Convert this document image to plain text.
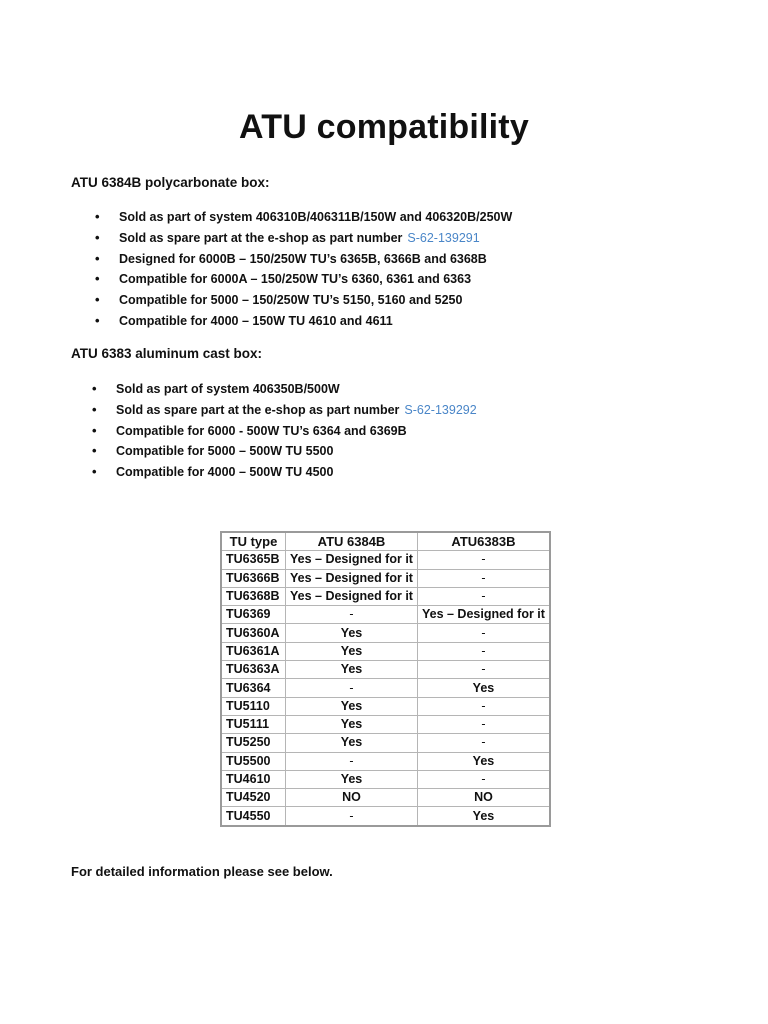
ATU compatibility

ATU 6384B polycarbonate box:

• Sold as part of system 406310B/406311B/150W and 406320B/250W
• Sold as spare part at the e-shop as part number S-62-139291
• Designed for 6000B – 150/250W TU’s 6365B, 6366B and 6368B
• Compatible for 6000A – 150/250W TU’s 6360, 6361 and 6363
• Compatible for 5000 – 150/250W TU’s 5150, 5160 and 5250
• Compatible for 4000 – 150W TU 4610 and 4611

ATU 6383 aluminum cast box:

• Sold as part of system 406350B/500W
• Sold as spare part at the e-shop as part number S-62-139292
• Compatible for 6000 - 500W TU’s 6364 and 6369B
• Compatible for 5000 – 500W TU 5500
• Compatible for 4000 – 500W TU 4500
TU type	ATU 6384B	ATU6383B
TU6365B	Yes – Designed for it	-
TU6366B	Yes – Designed for it	-
TU6368B	Yes – Designed for it	-
TU6369	-	Yes – Designed for it
TU6360A	Yes	-
TU6361A	Yes	-
TU6363A	Yes	-
TU6364	-	Yes
TU5110	Yes	-
TU5111	Yes	-
TU5250	Yes	-
TU5500	-	Yes
TU4610	Yes	-
TU4520	NO	NO
TU4550	-	Yes

For detailed information please see below.
